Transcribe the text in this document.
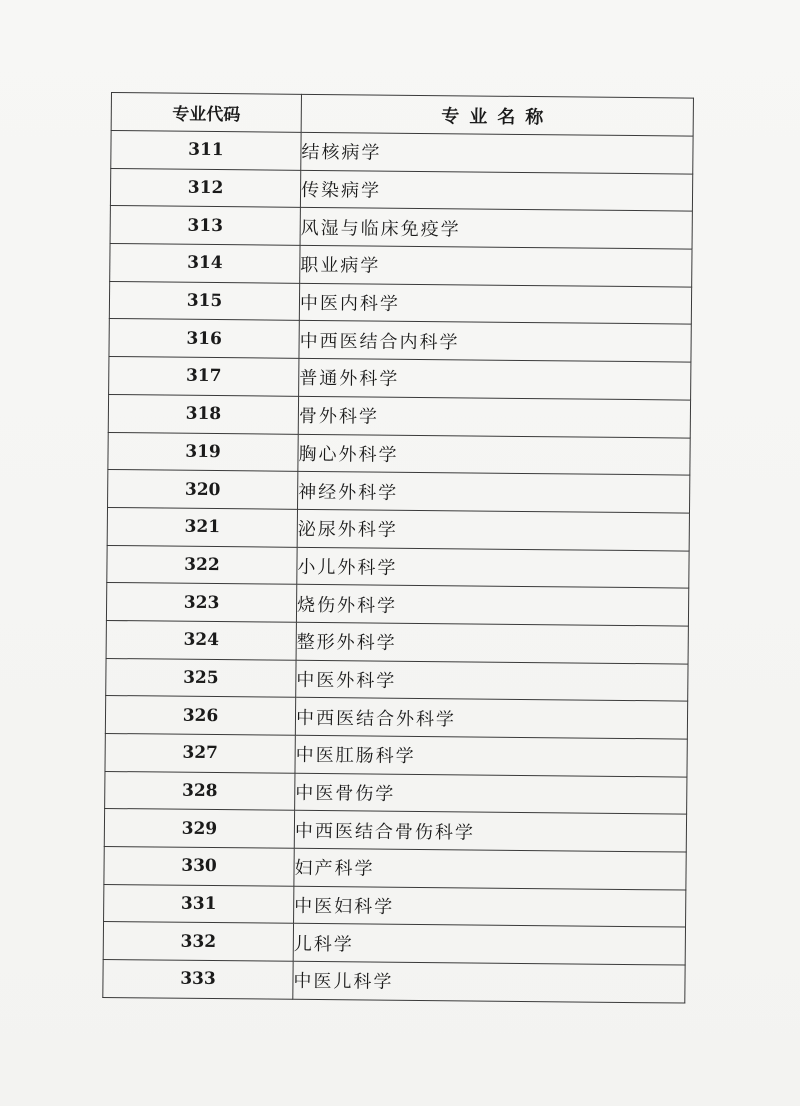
专业代码	专业名称
311	结核病学
312	传染病学
313	风湿与临床免疫学
314	职业病学
315	中医内科学
316	中西医结合内科学
317	普通外科学
318	骨外科学
319	胸心外科学
320	神经外科学
321	泌尿外科学
322	小儿外科学
323	烧伤外科学
324	整形外科学
325	中医外科学
326	中西医结合外科学
327	中医肛肠科学
328	中医骨伤学
329	中西医结合骨伤科学
330	妇产科学
331	中医妇科学
332	儿科学
333	中医儿科学
